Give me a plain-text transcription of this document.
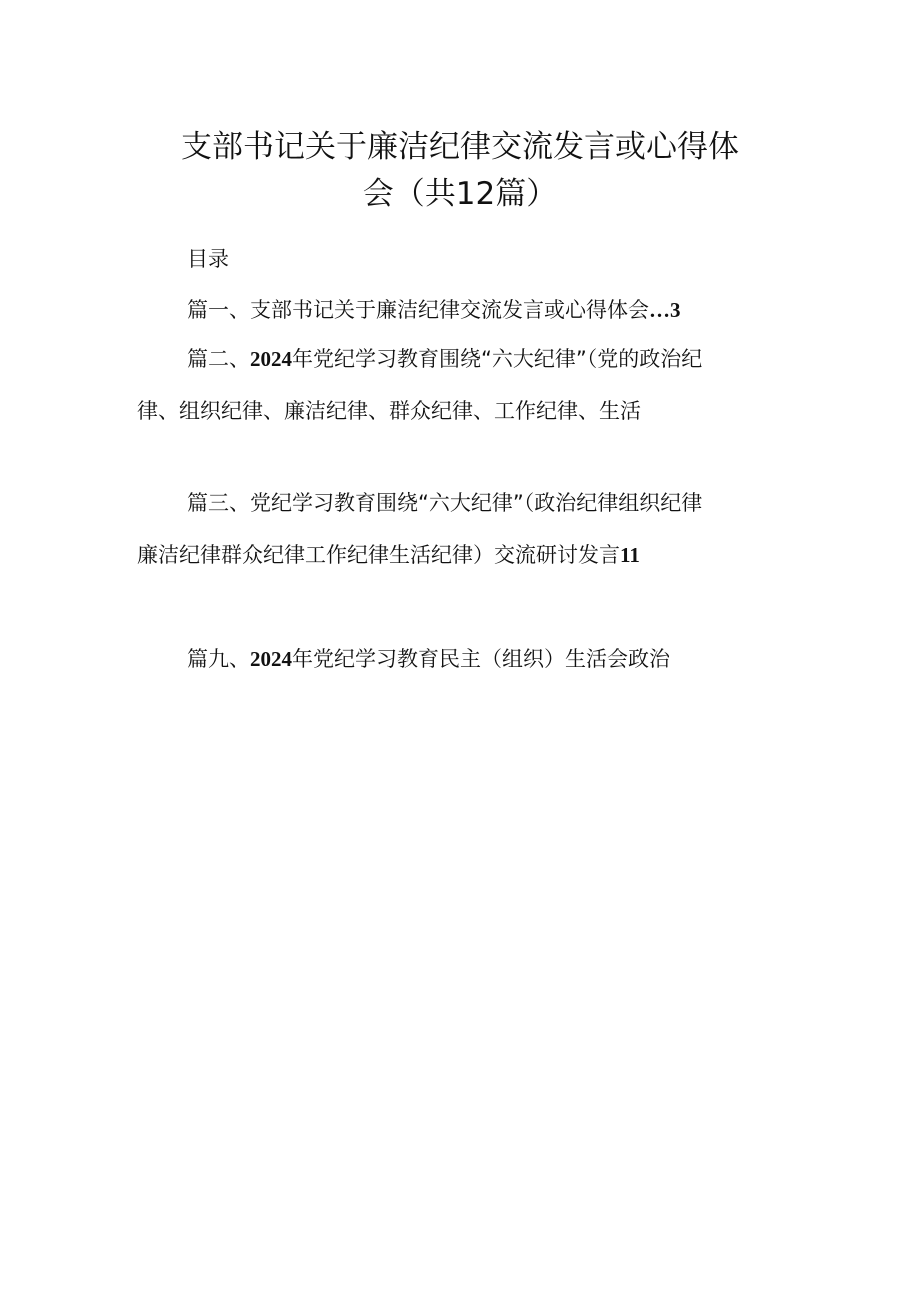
支部书记关于廉洁纪律交流发言或心得体
会（共12篇）
目录
篇一、支部书记关于廉洁纪律交流发言或心得体会…3
篇二、2024年党纪学习教育围绕“六大纪律”（党的政治纪
律、组织纪律、廉洁纪律、群众纪律、工作纪律、生活
篇三、党纪学习教育围绕“六大纪律”（政治纪律组织纪律
廉洁纪律群众纪律工作纪律生活纪律）交流研讨发言11
篇九、2024年党纪学习教育民主（组织）生活会政治
